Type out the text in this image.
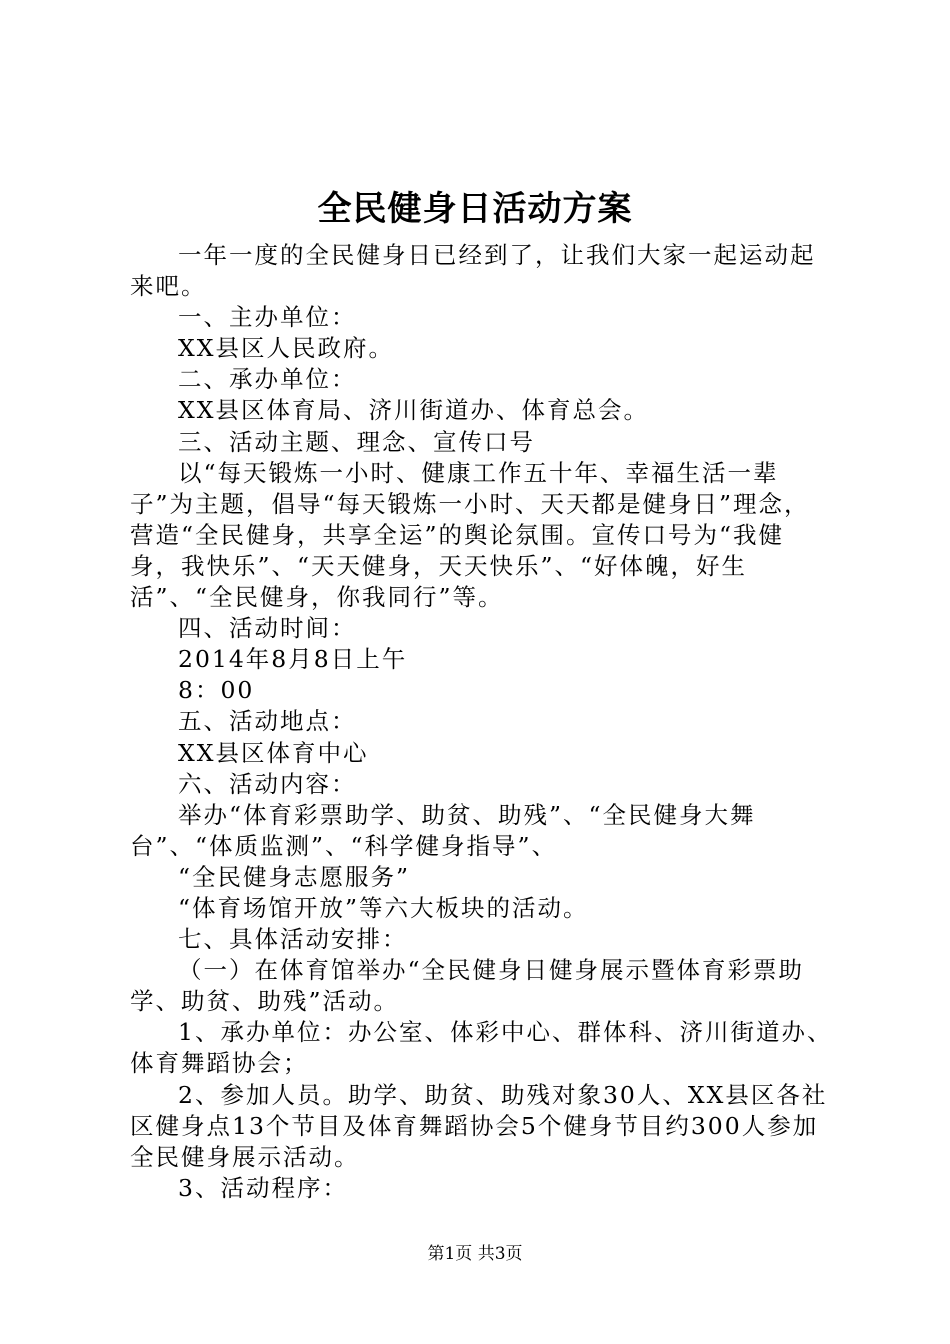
全民健身日活动方案

一年一度的全民健身日已经到了，让我们大家一起运动起来吧。

一、主办单位：

XX县区人民政府。

二、承办单位：

XX县区体育局、济川街道办、体育总会。

三、活动主题、理念、宣传口号

以“每天锻炼一小时、健康工作五十年、幸福生活一辈子”为主题，倡导“每天锻炼一小时、天天都是健身日”理念，营造“全民健身，共享全运”的舆论氛围。宣传口号为“我健身，我快乐”、“天天健身，天天快乐”、“好体魄，好生活”、“全民健身，你我同行”等。

四、活动时间：

2014年8月8日上午

8：00

五、活动地点：

XX县区体育中心

六、活动内容：

举办“体育彩票助学、助贫、助残”、“全民健身大舞台”、“体质监测”、“科学健身指导”、

“全民健身志愿服务”

“体育场馆开放”等六大板块的活动。

七、具体活动安排：

（一）在体育馆举办“全民健身日健身展示暨体育彩票助学、助贫、助残”活动。

1、承办单位：办公室、体彩中心、群体科、济川街道办、体育舞蹈协会；

2、参加人员。助学、助贫、助残对象30人、XX县区各社区健身点13个节目及体育舞蹈协会5个健身节目约300人参加全民健身展示活动。

3、活动程序：

第1页 共3页
